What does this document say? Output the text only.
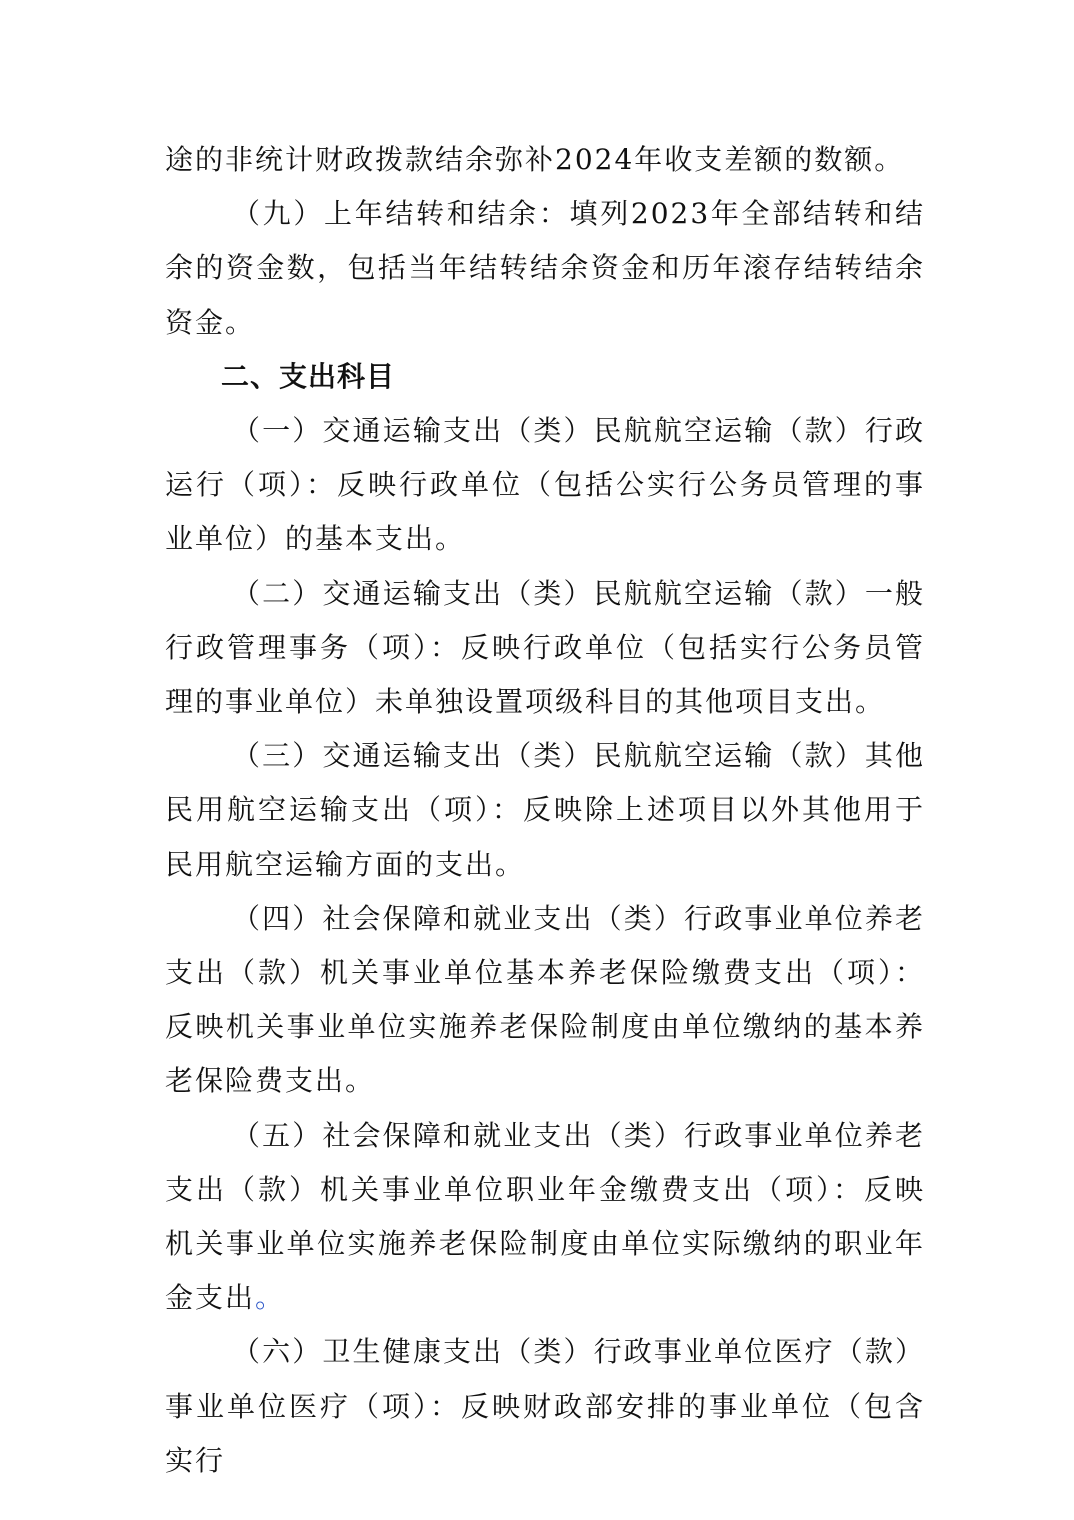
途的非统计财政拨款结余弥补2024年收支差额的数额。

（九）上年结转和结余：填列2023年全部结转和结余的资金数，包括当年结转结余资金和历年滚存结转结余资金。

二、支出科目

（一）交通运输支出（类）民航航空运输（款）行政运行（项）：反映行政单位（包括公实行公务员管理的事业单位）的基本支出。

（二）交通运输支出（类）民航航空运输（款）一般行政管理事务（项）：反映行政单位（包括实行公务员管理的事业单位）未单独设置项级科目的其他项目支出。

（三）交通运输支出（类）民航航空运输（款）其他民用航空运输支出（项）：反映除上述项目以外其他用于民用航空运输方面的支出。

（四）社会保障和就业支出（类）行政事业单位养老支出（款）机关事业单位基本养老保险缴费支出（项）：反映机关事业单位实施养老保险制度由单位缴纳的基本养老保险费支出。

（五）社会保障和就业支出（类）行政事业单位养老支出（款）机关事业单位职业年金缴费支出（项）：反映机关事业单位实施养老保险制度由单位实际缴纳的职业年金支出。

（六）卫生健康支出（类）行政事业单位医疗（款）事业单位医疗（项）：反映财政部安排的事业单位（包含实行
